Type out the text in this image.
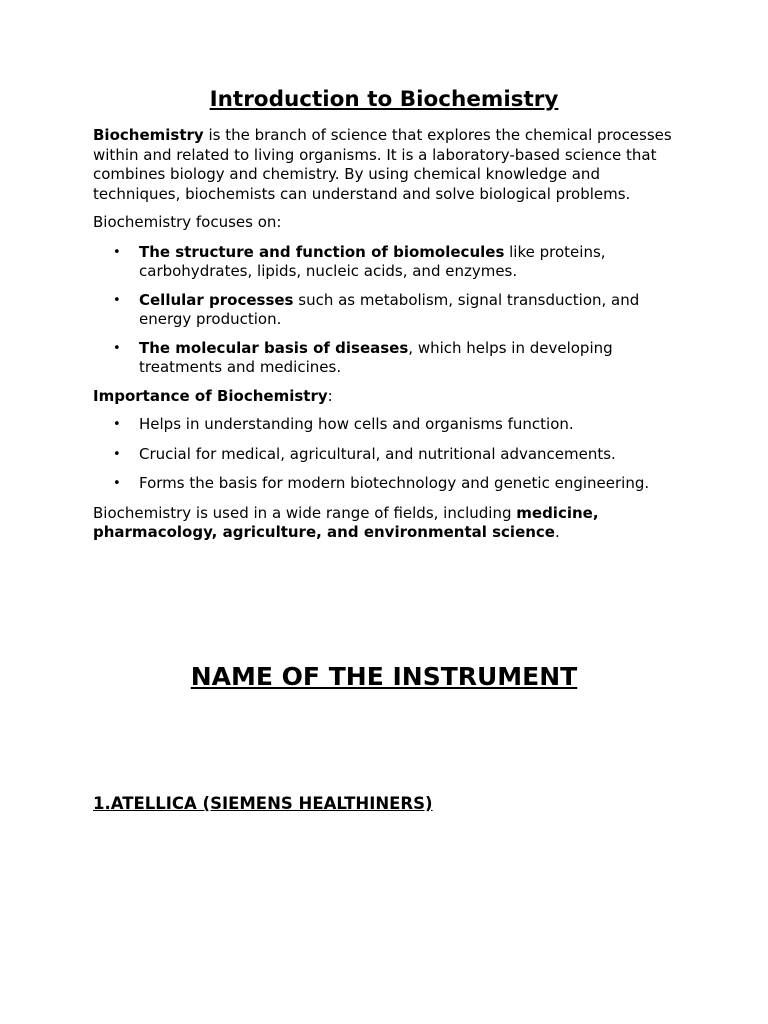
Introduction to Biochemistry

Biochemistry is the branch of science that explores the chemical processes within and related to living organisms. It is a laboratory-based science that combines biology and chemistry. By using chemical knowledge and techniques, biochemists can understand and solve biological problems.

Biochemistry focuses on:

• The structure and function of biomolecules like proteins, carbohydrates, lipids, nucleic acids, and enzymes.
• Cellular processes such as metabolism, signal transduction, and energy production.
• The molecular basis of diseases, which helps in developing treatments and medicines.

Importance of Biochemistry:

• Helps in understanding how cells and organisms function.
• Crucial for medical, agricultural, and nutritional advancements.
• Forms the basis for modern biotechnology and genetic engineering.

Biochemistry is used in a wide range of fields, including medicine, pharmacology, agriculture, and environmental science.

NAME OF THE INSTRUMENT
1.ATELLICA (SIEMENS HEALTHINERS)
